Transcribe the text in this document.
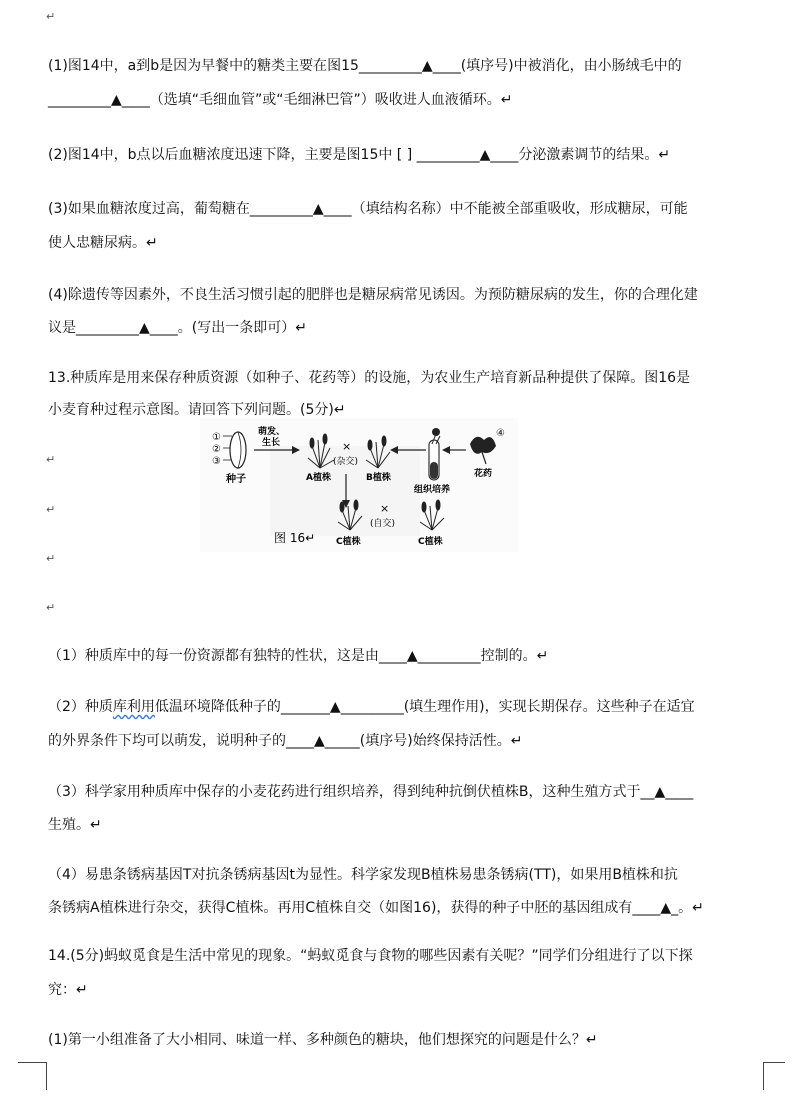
↵
(1)图14中，a到b是因为早餐中的糖类主要在图15_________▲____(填序号)中被消化，由小肠绒毛中的
_________▲____（选填“毛细血管”或“毛细淋巴管”）吸收进人血液循环。↵
(2)图14中，b点以后血糖浓度迅速下降，主要是图15中 [ ] _________▲____分泌激素调节的结果。↵
(3)如果血糖浓度过高，葡萄糖在_________▲____（填结构名称）中不能被全部重吸收，形成糖尿，可能
使人忠糖尿病。↵
(4)除遗传等因素外，不良生活习惯引起的肥胖也是糖尿病常见诱因。为预防糖尿病的发生，你的合理化建
议是_________▲____。(写出一条即可）↵
13.种质库是用来保存种质资源（如种子、花药等）的设施，为农业生产培育新品种提供了保障。图16是
小麦育种过程示意图。请回答下列问题。(5分)↵
↵
↵
↵
↵
①
②
③
种子
萌发、
生长
A植株
×
(杂交)
B植株
组织培养
④
花药
C植株
×
(自交)
C植株
图 16↵
（1）种质库中的每一份资源都有独特的性状，这是由____▲_________控制的。↵
（2）种质库利用低温环境降低种子的_______▲_________(填生理作用)，实现长期保存。这些种子在适宜
的外界条件下均可以萌发，说明种子的____▲_____(填序号)始终保持活性。↵
（3）科学家用种质库中保存的小麦花药进行组织培养，得到纯种抗倒伏植株B，这种生殖方式于__▲____
生殖。↵
（4）易患条锈病基因T对抗条锈病基因t为显性。科学家发现B植株易患条锈病(TT)，如果用B植株和抗
条锈病A植株进行杂交，获得C植株。再用C植株自交（如图16)，获得的种子中胚的基因组成有____▲_。↵
14.(5分)蚂蚁觅食是生活中常见的现象。“蚂蚁觅食与食物的哪些因素有关呢？”同学们分组进行了以下探
究：↵
(1)第一小组准备了大小相同、味道一样、多种颜色的糖块，他们想探究的问题是什么？↵
